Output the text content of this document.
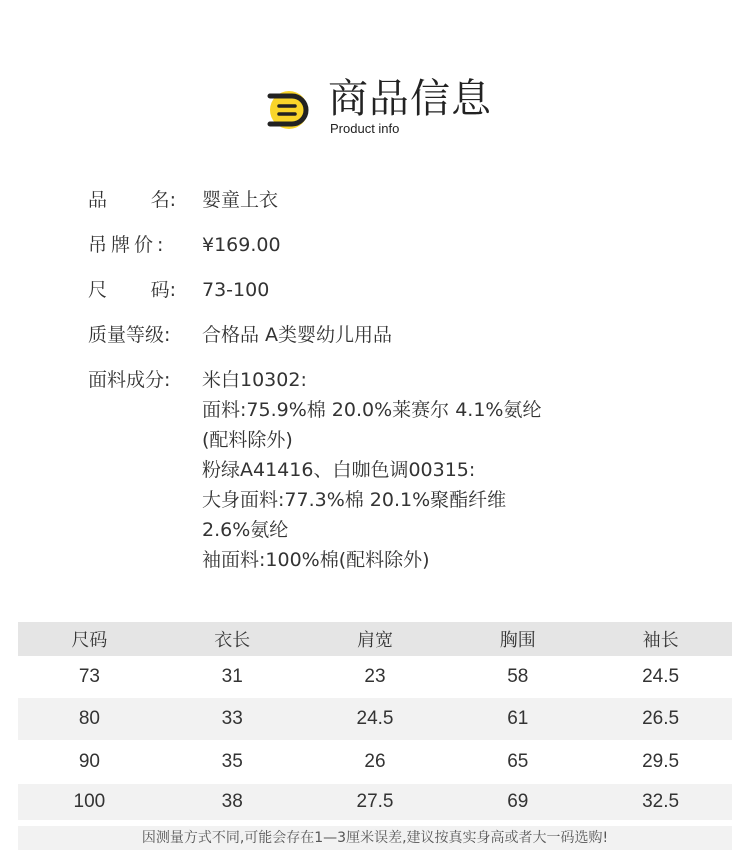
商品信息
Product info
品 名: 婴童上衣
吊牌价:	¥169.00
尺 码: 73-100
质量等级:	合格品 A类婴幼儿用品
面料成分:	米白10302:
面料:75.9%棉 20.0%莱赛尔 4.1%氨纶
(配料除外)
粉绿A41416、白咖色调00315:
大身面料:77.3%棉 20.1%聚酯纤维
2.6%氨纶
袖面料:100%棉(配料除外)
尺码	衣长	肩宽	胸围	袖长
73	31	23	58	24.5
80	33	24.5	61	26.5
90	35	26	65	29.5
100	38	27.5	69	32.5
因测量方式不同,可能会存在1—3厘米误差,建议按真实身高或者大一码选购!
